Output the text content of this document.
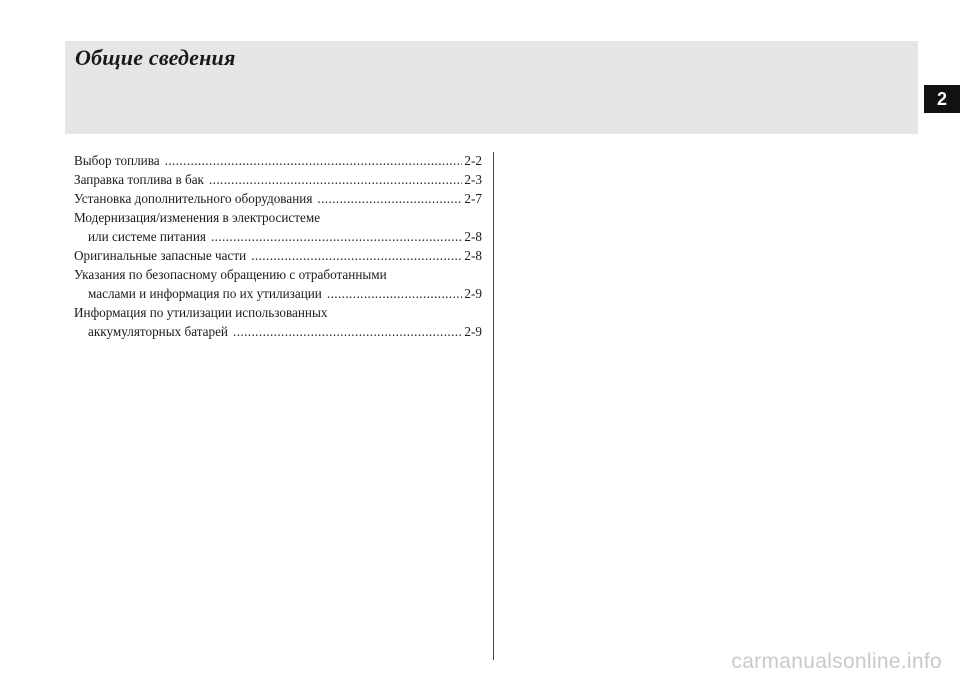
Общие сведения
2
Выбор топлива .....	2-2
Заправка топлива в бак .....	2-3
Установка дополнительного оборудования .....	2-7
Модернизация/изменения в электросистеме
или системе питания .....	2-8
Оригинальные запасные части .....	2-8
Указания по безопасному обращению с отработанными
маслами и информация по их утилизации .....	2-9
Информация по утилизации использованных
аккумуляторных батарей .....	2-9
carmanualsonline.info
